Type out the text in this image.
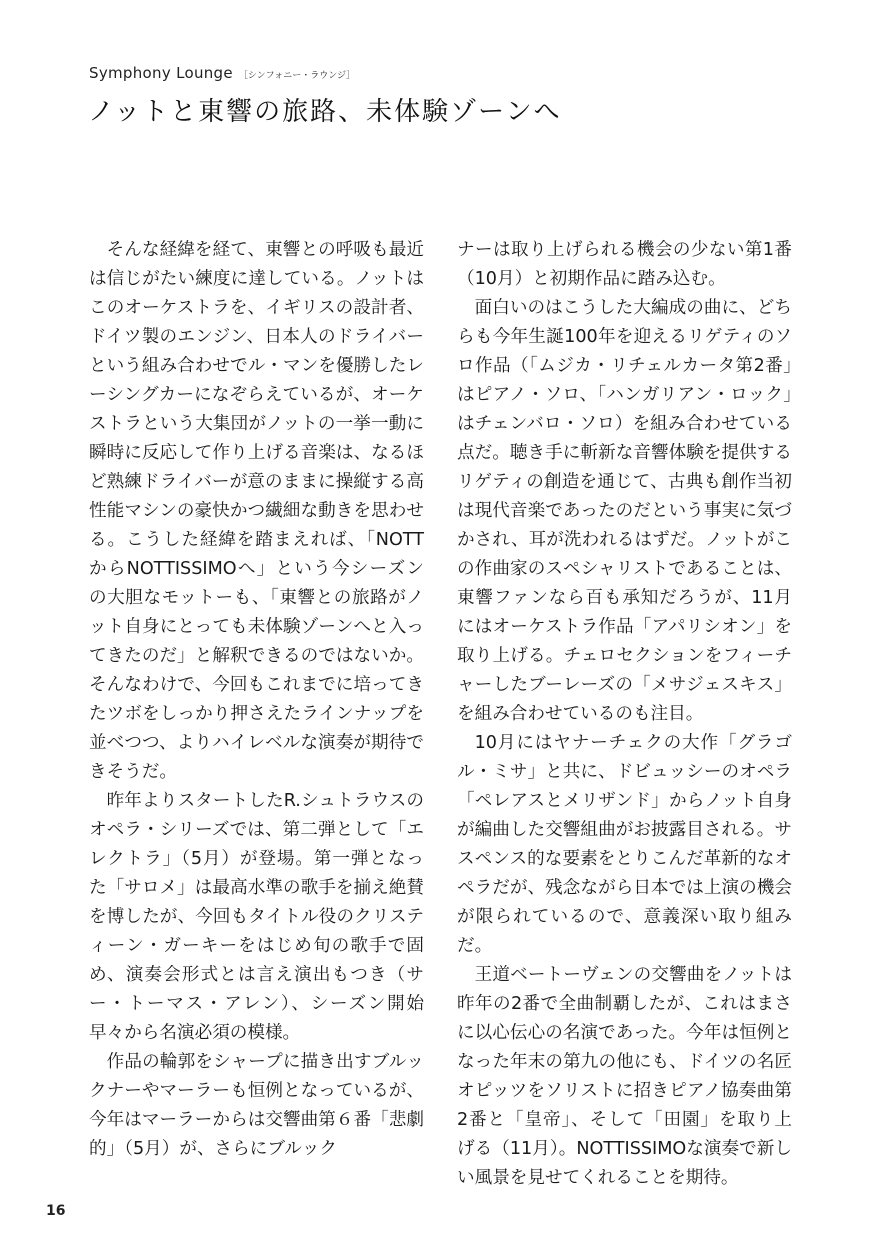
Symphony Lounge ［シンフォニー・ラウンジ］
ノットと東響の旅路、未体験ゾーンへ

そんな経緯を経て、東響との呼吸も最近は信じがたい練度に達している。ノットはこのオーケストラを、イギリスの設計者、ドイツ製のエンジン、日本人のドライバーという組み合わせでル・マンを優勝したレーシングカーになぞらえているが、オーケストラという大集団がノットの一挙一動に瞬時に反応して作り上げる音楽は、なるほど熟練ドライバーが意のままに操縦する高性能マシンの豪快かつ繊細な動きを思わせる。こうした経緯を踏まえれば、「NOTTからNOTTISSIMOへ」という今シーズンの大胆なモットーも、「東響との旅路がノット自身にとっても未体験ゾーンへと入ってきたのだ」と解釈できるのではないか。そんなわけで、今回もこれまでに培ってきたツボをしっかり押さえたラインナップを並べつつ、よりハイレベルな演奏が期待できそうだ。

昨年よりスタートしたR.シュトラウスのオペラ・シリーズでは、第二弾として「エレクトラ」（5月）が登場。第一弾となった「サロメ」は最高水準の歌手を揃え絶賛を博したが、今回もタイトル役のクリスティーン・ガーキーをはじめ旬の歌手で固め、演奏会形式とは言え演出もつき（サー・トーマス・アレン）、シーズン開始早々から名演必須の模様。

作品の輪郭をシャープに描き出すブルックナーやマーラーも恒例となっているが、今年はマーラーからは交響曲第６番「悲劇的」（5月）が、さらにブルック

ナーは取り上げられる機会の少ない第1番（10月）と初期作品に踏み込む。

面白いのはこうした大編成の曲に、どちらも今年生誕100年を迎えるリゲティのソロ作品（「ムジカ・リチェルカータ第2番」はピアノ・ソロ、「ハンガリアン・ロック」はチェンバロ・ソロ）を組み合わせている点だ。聴き手に斬新な音響体験を提供するリゲティの創造を通じて、古典も創作当初は現代音楽であったのだという事実に気づかされ、耳が洗われるはずだ。ノットがこの作曲家のスペシャリストであることは、東響ファンなら百も承知だろうが、11月にはオーケストラ作品「アパリシオン」を取り上げる。チェロセクションをフィーチャーしたブーレーズの「メサジェスキス」を組み合わせているのも注目。

10月にはヤナーチェクの大作「グラゴル・ミサ」と共に、ドビュッシーのオペラ「ペレアスとメリザンド」からノット自身が編曲した交響組曲がお披露目される。サスペンス的な要素をとりこんだ革新的なオペラだが、残念ながら日本では上演の機会が限られているので、意義深い取り組みだ。

王道ベートーヴェンの交響曲をノットは昨年の2番で全曲制覇したが、これはまさに以心伝心の名演であった。今年は恒例となった年末の第九の他にも、ドイツの名匠オピッツをソリストに招きピアノ協奏曲第2番と「皇帝」、そして「田園」を取り上げる（11月）。NOTTISSIMOな演奏で新しい風景を見せてくれることを期待。

16
